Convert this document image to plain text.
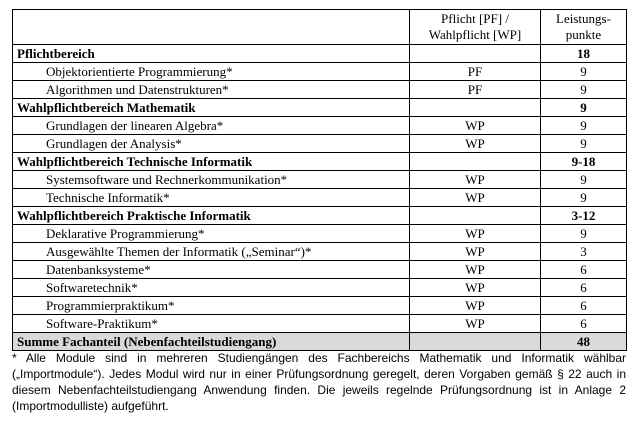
	Pflicht [PF] / Wahlpflicht [WP]	Leistungs-punkte
Pflichtbereich		18
Objektorientierte Programmierung*	PF	9
Algorithmen und Datenstrukturen*	PF	9
Wahlpflichtbereich Mathematik		9
Grundlagen der linearen Algebra*	WP	9
Grundlagen der Analysis*	WP	9
Wahlpflichtbereich Technische Informatik		9-18
Systemsoftware und Rechnerkommunikation*	WP	9
Technische Informatik*	WP	9
Wahlpflichtbereich Praktische Informatik		3-12
Deklarative Programmierung*	WP	9
Ausgewählte Themen der Informatik („Seminar“)*	WP	3
Datenbanksysteme*	WP	6
Softwaretechnik*	WP	6
Programmierpraktikum*	WP	6
Software-Praktikum*	WP	6
Summe Fachanteil (Nebenfachteilstudiengang)		48
* Alle Module sind in mehreren Studiengängen des Fachbereichs Mathematik und Informatik wählbar („Importmodule“). Jedes Modul wird nur in einer Prüfungsordnung geregelt, deren Vorgaben gemäß § 22 auch in diesem Nebenfachteilstudiengang Anwendung finden. Die jeweils regelnde Prüfungsordnung ist in Anlage 2 (Importmodulliste) aufgeführt.
